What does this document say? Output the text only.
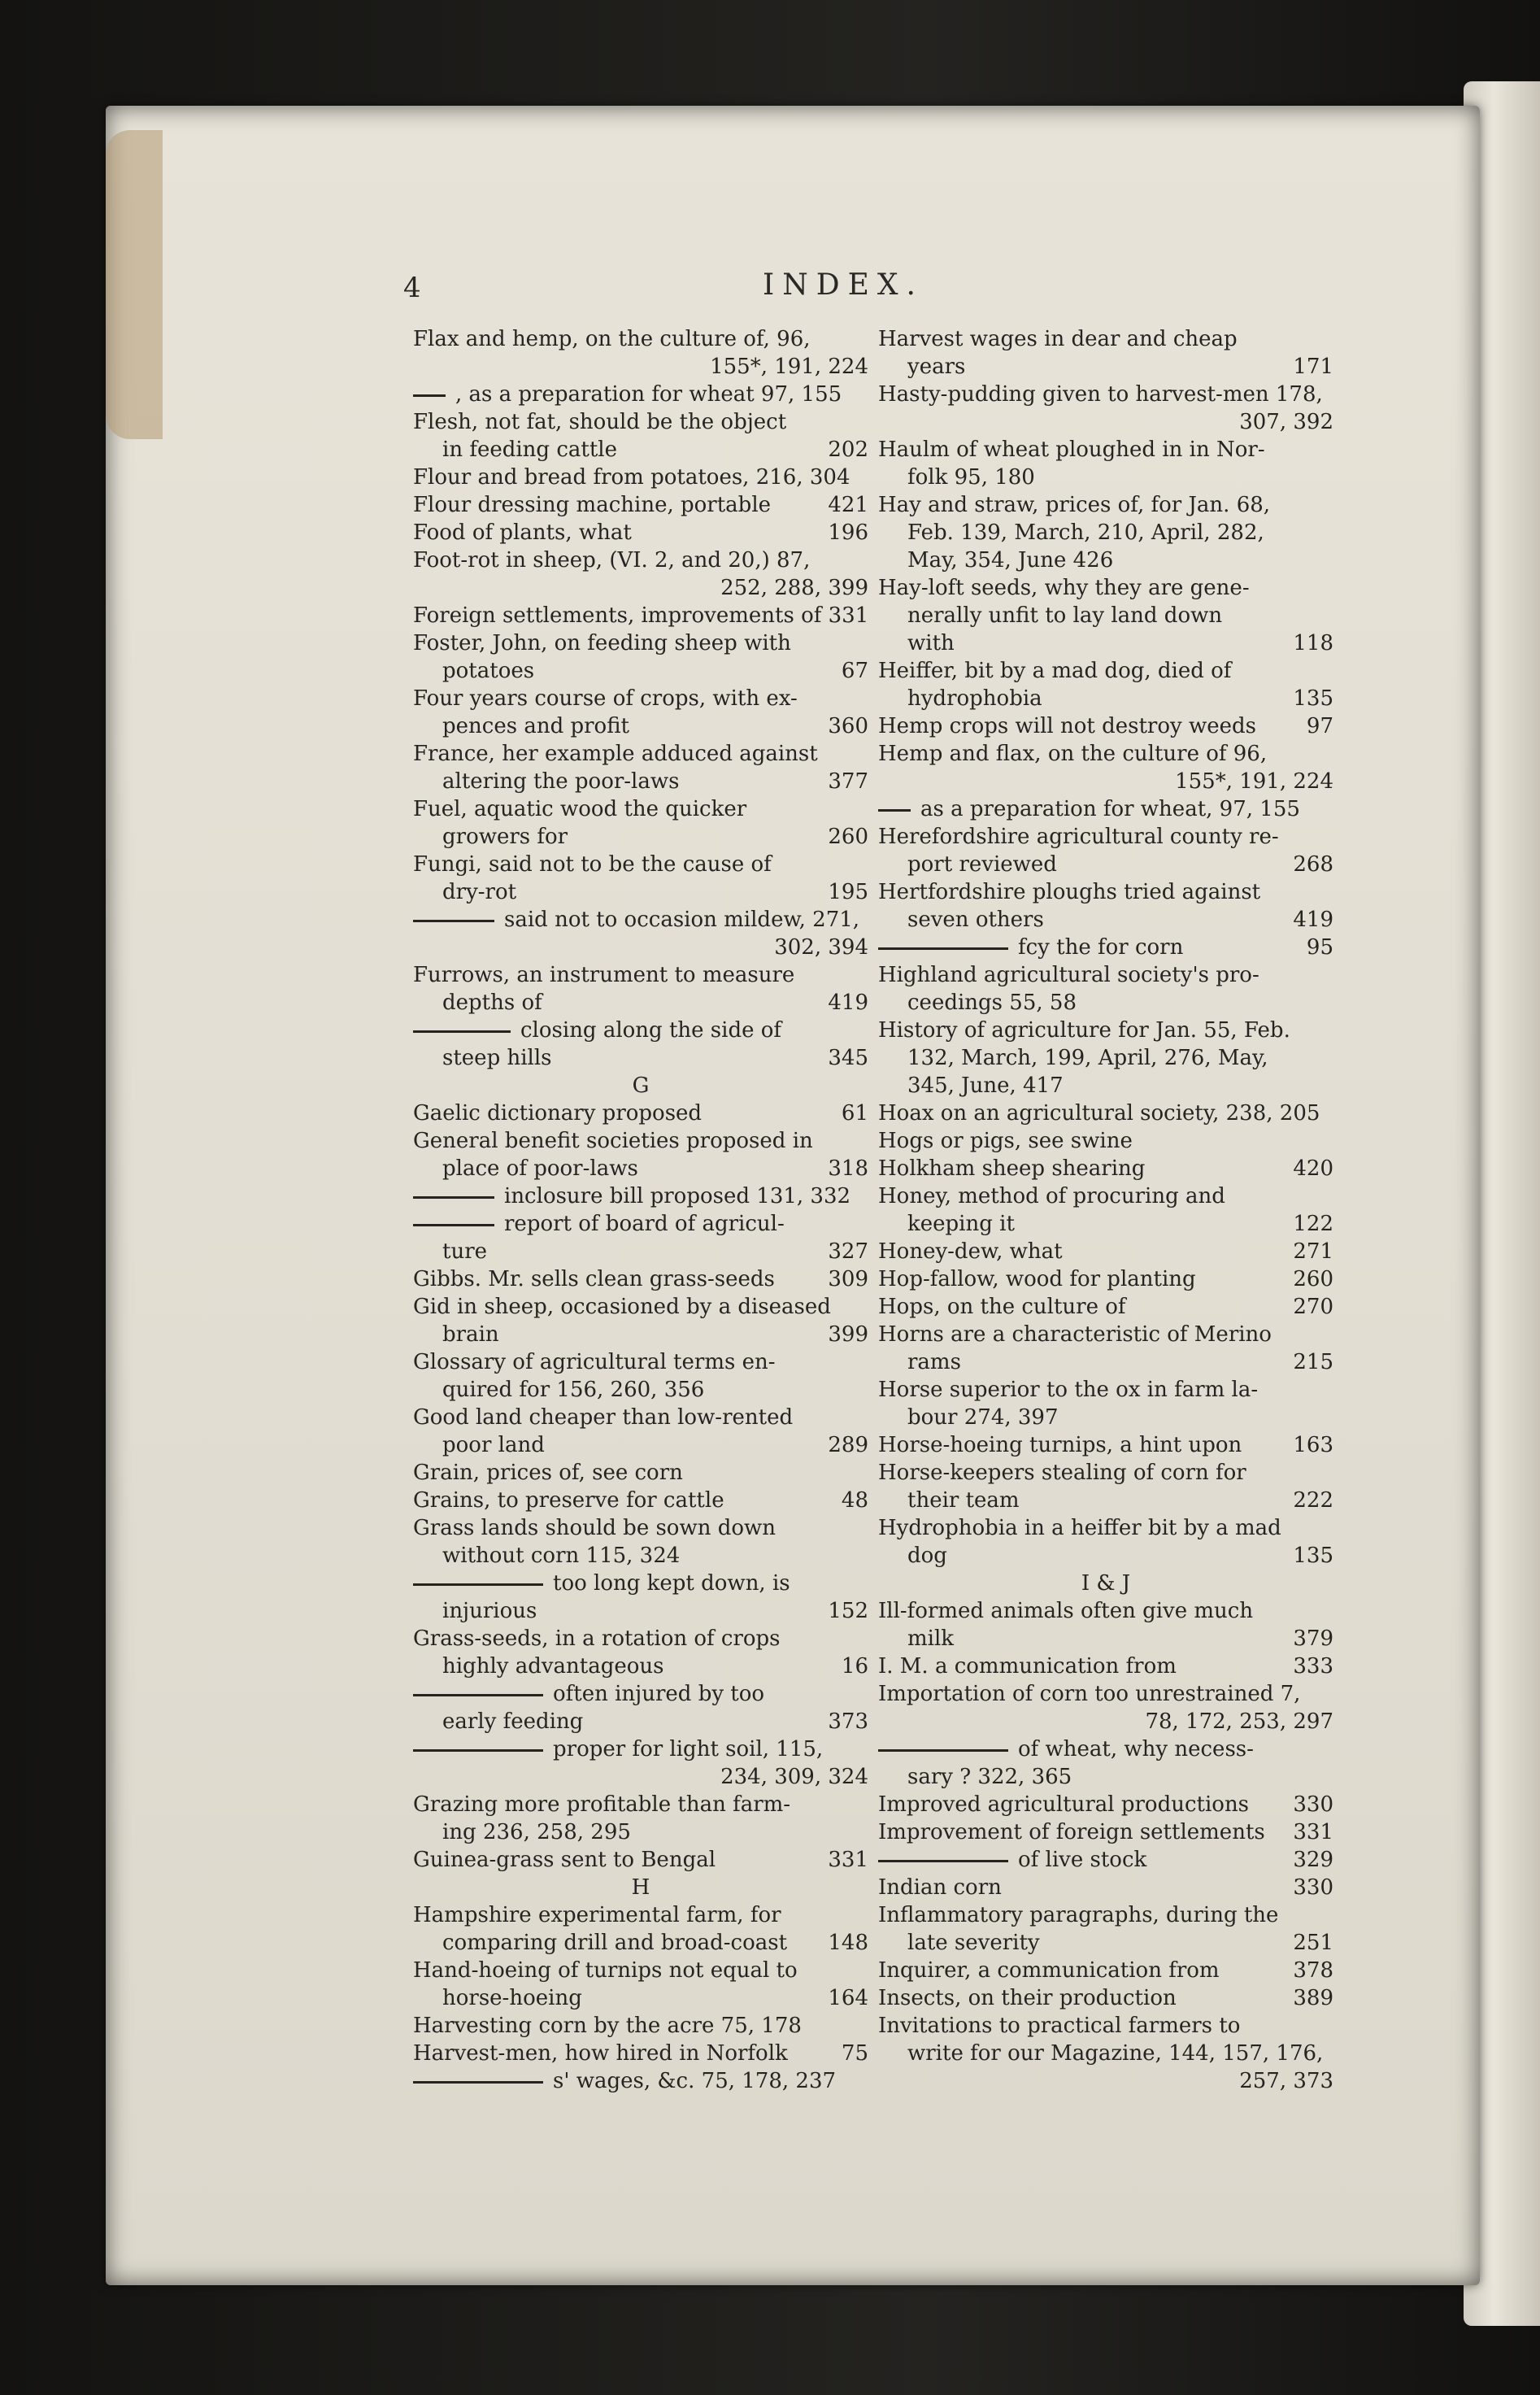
4	INDEX.
Flax and hemp, on the culture of, 96,
155*, 191, 224
, as a preparation for wheat 97, 155
Flesh, not fat, should be the object
in feeding cattle	202
Flour and bread from potatoes, 216, 304
Flour dressing machine, portable	421
Food of plants, what	196
Foot-rot in sheep, (VI. 2, and 20,) 87,
252, 288, 399
Foreign settlements, improvements of 331
Foster, John, on feeding sheep with
potatoes	67
Four years course of crops, with ex-
pences and profit	360
France, her example adduced against
altering the poor-laws	377
Fuel, aquatic wood the quicker
growers for	260
Fungi, said not to be the cause of
dry-rot	195
said not to occasion mildew, 271,
302, 394
Furrows, an instrument to measure
depths of	419
closing along the side of
steep hills	345
G
Gaelic dictionary proposed	61
General benefit societies proposed in
place of poor-laws	318
inclosure bill proposed 131, 332
report of board of agricul-
ture	327
Gibbs. Mr. sells clean grass-seeds	309
Gid in sheep, occasioned by a diseased
brain	399
Glossary of agricultural terms en-
quired for 156, 260, 356
Good land cheaper than low-rented
poor land	289
Grain, prices of, see corn
Grains, to preserve for cattle	48
Grass lands should be sown down
without corn 115, 324
too long kept down, is
injurious	152
Grass-seeds, in a rotation of crops
highly advantageous	16
often injured by too
early feeding	373
proper for light soil, 115,
234, 309, 324
Grazing more profitable than farm-
ing 236, 258, 295
Guinea-grass sent to Bengal	331
H
Hampshire experimental farm, for
comparing drill and broad-coast 148
Hand-hoeing of turnips not equal to
horse-hoeing	164
Harvesting corn by the acre 75, 178
Harvest-men, how hired in Norfolk	75
s' wages, &c. 75, 178, 237
Harvest wages in dear and cheap
years	171
Hasty-pudding given to harvest-men 178,
307, 392
Haulm of wheat ploughed in in Nor-
folk 95, 180
Hay and straw, prices of, for Jan. 68,
Feb. 139, March, 210, April, 282,
May, 354, June 426
Hay-loft seeds, why they are gene-
nerally unfit to lay land down
with	118
Heiffer, bit by a mad dog, died of
hydrophobia	135
Hemp crops will not destroy weeds 97
Hemp and flax, on the culture of 96,
155*, 191, 224
as a preparation for wheat, 97, 155
Herefordshire agricultural county re-
port reviewed	268
Hertfordshire ploughs tried against
seven others	419
fcy the for corn	95
Highland agricultural society's pro-
ceedings 55, 58
History of agriculture for Jan. 55, Feb.
132, March, 199, April, 276, May,
345, June, 417
Hoax on an agricultural society, 238, 205
Hogs or pigs, see swine
Holkham sheep shearing	420
Honey, method of procuring and
keeping it	122
Honey-dew, what	271
Hop-fallow, wood for planting	260
Hops, on the culture of	270
Horns are a characteristic of Merino
rams	215
Horse superior to the ox in farm la-
bour 274, 397
Horse-hoeing turnips, a hint upon 163
Horse-keepers stealing of corn for
their team	222
Hydrophobia in a heiffer bit by a mad
dog	135
I & J
Ill-formed animals often give much
milk	379
I. M. a communication from	333
Importation of corn too unrestrained 7,
78, 172, 253, 297
of wheat, why necess-
sary ? 322, 365
Improved agricultural productions 330
Improvement of foreign settlements 331
of live stock	329
Indian corn	330
Inflammatory paragraphs, during the
late severity	251
Inquirer, a communication from	378
Insects, on their production	389
Invitations to practical farmers to
write for our Magazine, 144, 157, 176,
257, 373
